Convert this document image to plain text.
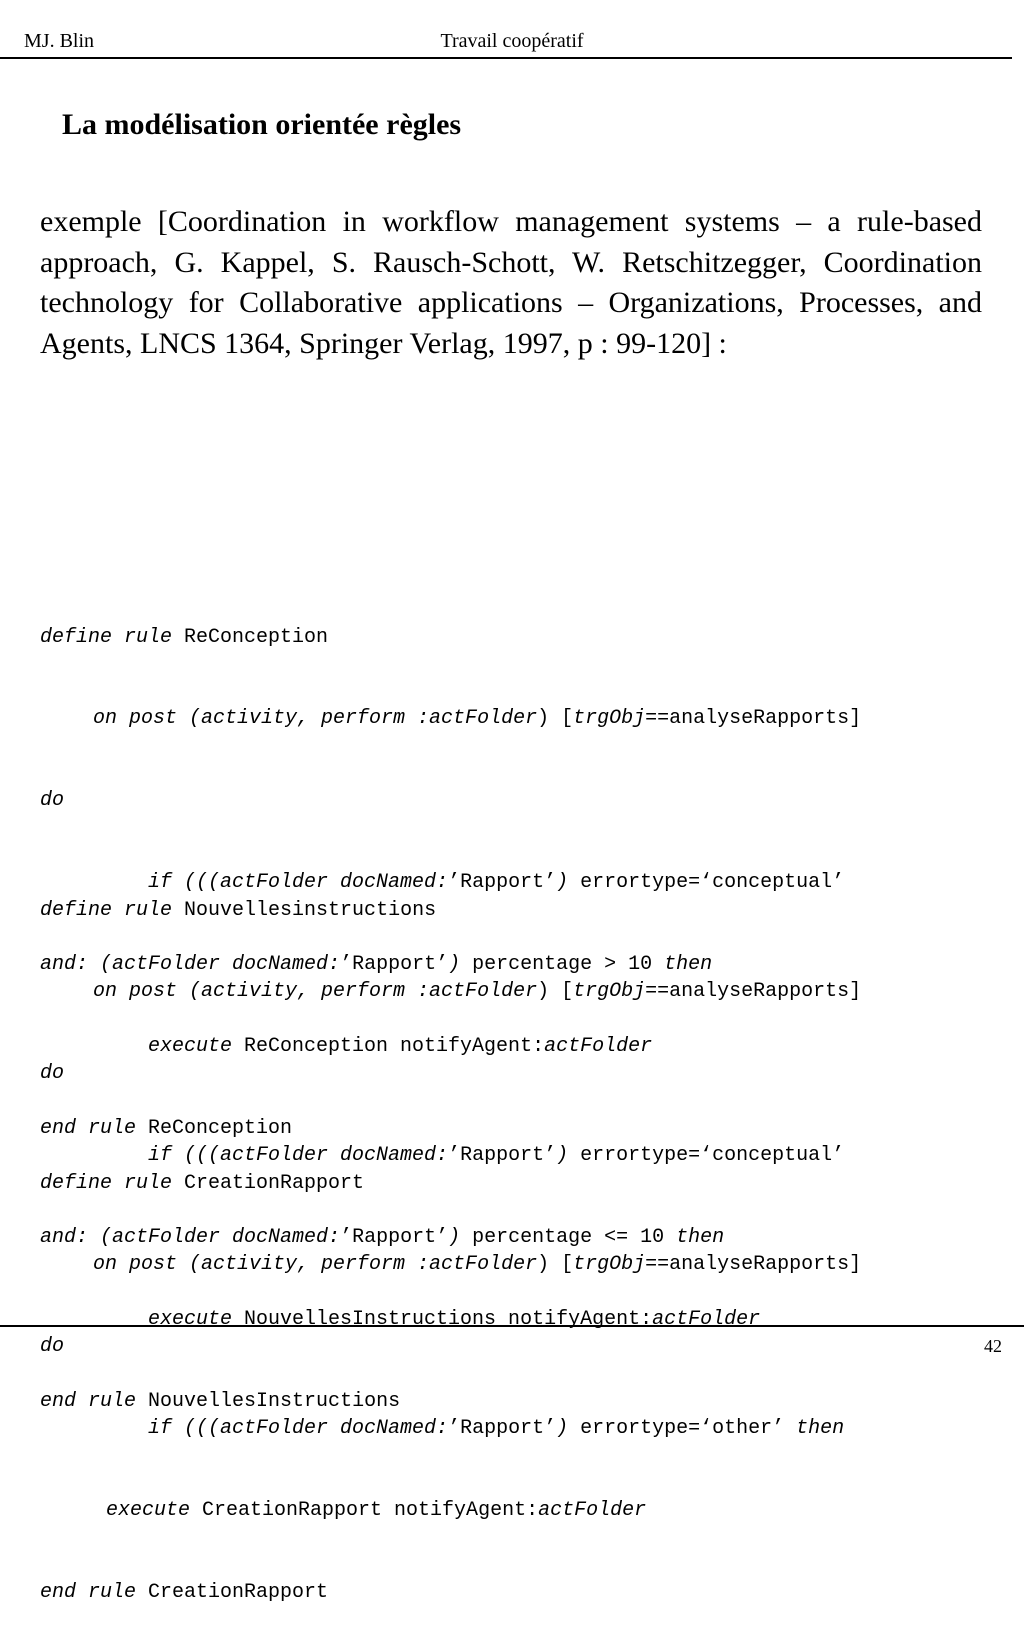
MJ. Blin	Travail coopératif
La modélisation orientée règles
exemple [Coordination in workflow management systems – a rule-based approach, G. Kappel, S. Rausch-Schott, W. Retschitzegger, Coordination technology for Collaborative applications – Organizations, Processes, and Agents, LNCS 1364, Springer Verlag, 1997, p : 99-120] :

define rule ReConception

on post (activity, perform :actFolder) [trgObj==analyseRapports]

do

if (((actFolder docNamed:’Rapport’) errortype=‘conceptual’

and: (actFolder docNamed:’Rapport’) percentage > 10 then

execute ReConception notifyAgent:actFolder

end rule ReConception

define rule Nouvellesinstructions

on post (activity, perform :actFolder) [trgObj==analyseRapports]

do

if (((actFolder docNamed:’Rapport’) errortype=‘conceptual’

and: (actFolder docNamed:’Rapport’) percentage <= 10 then

execute NouvellesInstructions notifyAgent:actFolder

end rule NouvellesInstructions

define rule CreationRapport

on post (activity, perform :actFolder) [trgObj==analyseRapports]

do

if (((actFolder docNamed:’Rapport’) errortype=‘other’ then

execute CreationRapport notifyAgent:actFolder

end rule CreationRapport

42
